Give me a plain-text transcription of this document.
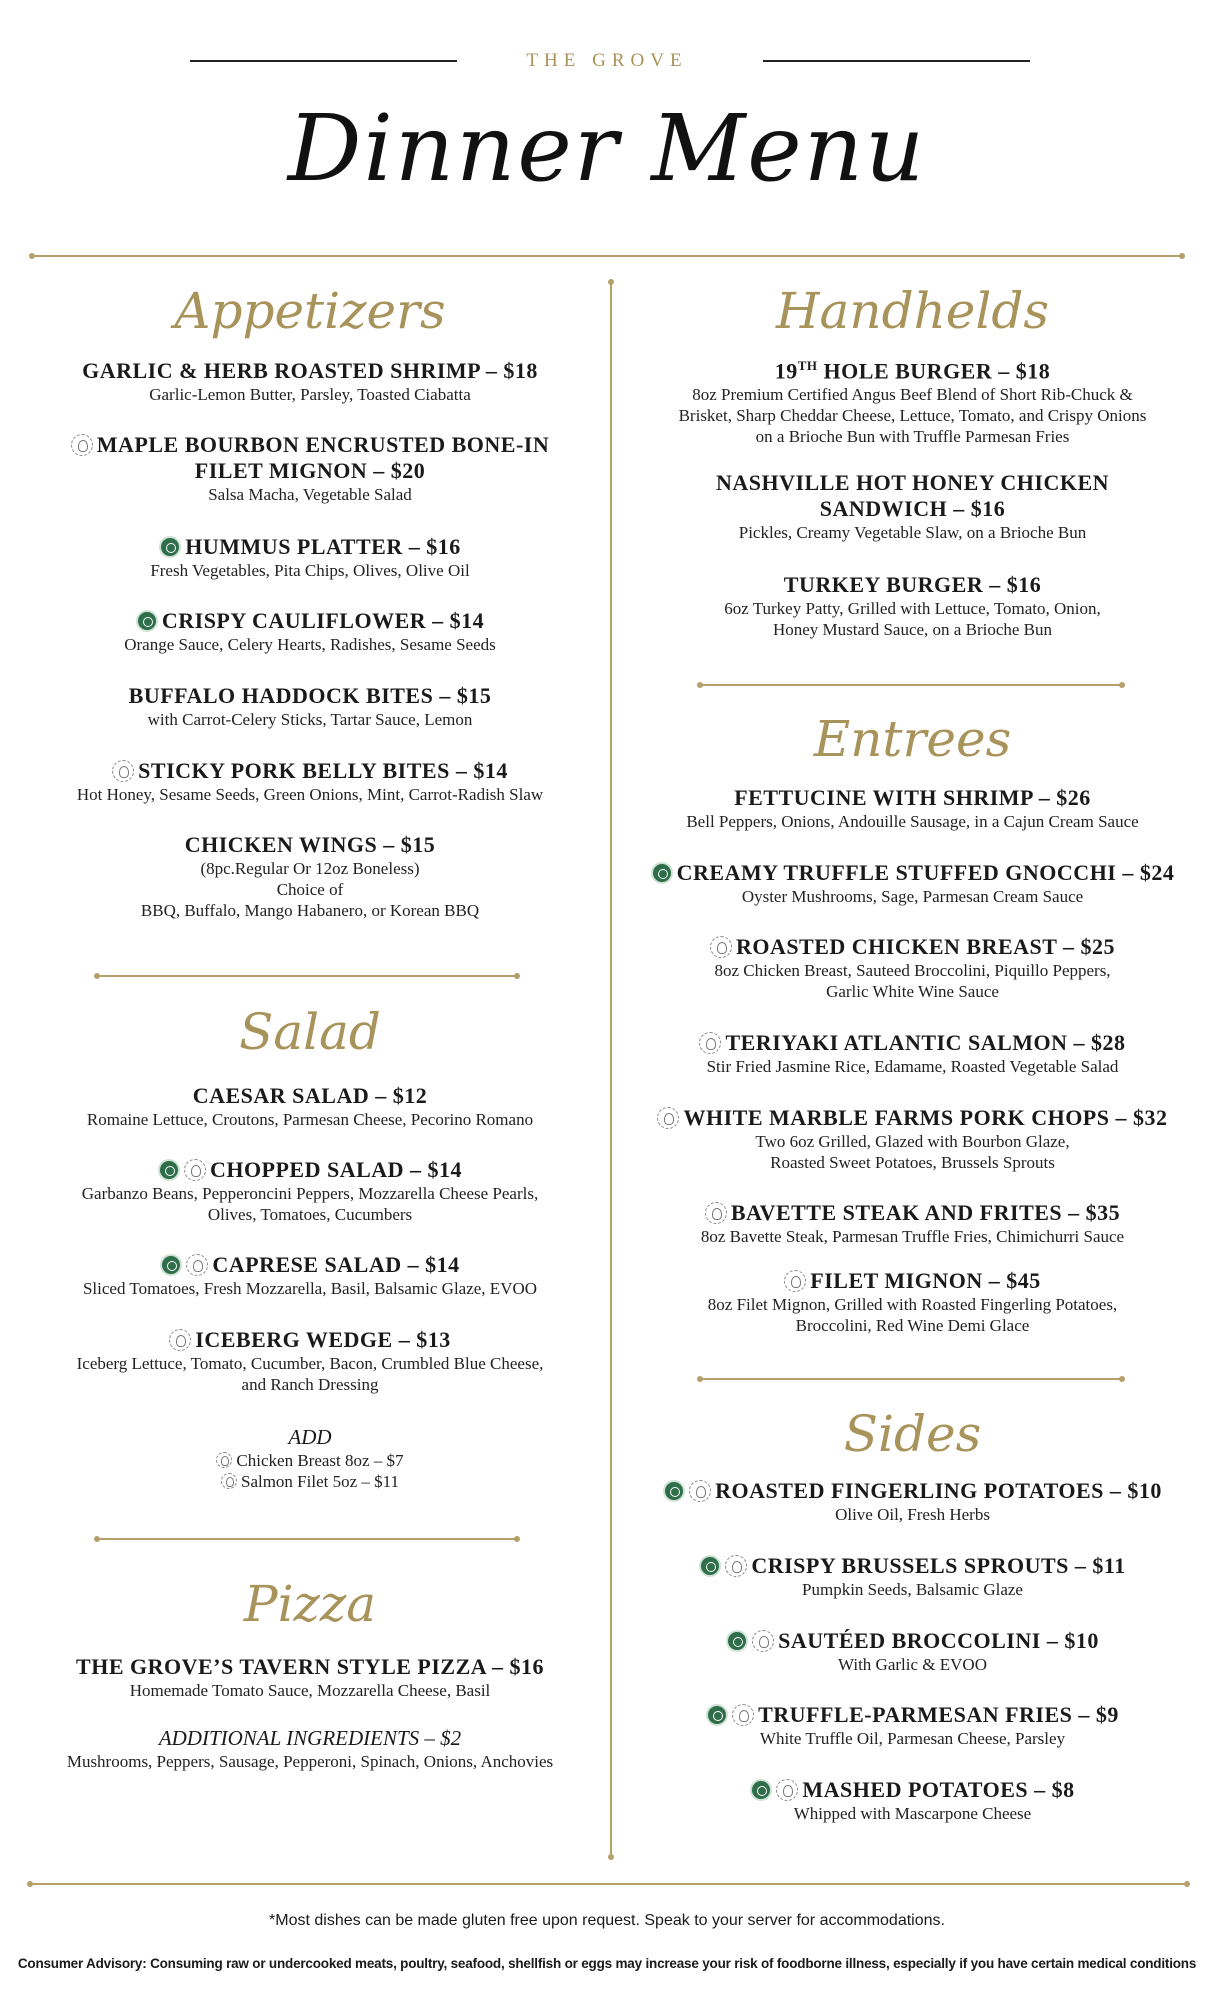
THE GROVE
Dinner Menu
Appetizers
GARLIC & HERB ROASTED SHRIMP – $18
Garlic-Lemon Butter, Parsley, Toasted Ciabatta
MAPLE BOURBON ENCRUSTED BONE-IN
FILET MIGNON – $20
Salsa Macha, Vegetable Salad
HUMMUS PLATTER – $16
Fresh Vegetables, Pita Chips, Olives, Olive Oil
CRISPY CAULIFLOWER – $14
Orange Sauce, Celery Hearts, Radishes, Sesame Seeds
BUFFALO HADDOCK BITES – $15
with Carrot-Celery Sticks, Tartar Sauce, Lemon
STICKY PORK BELLY BITES – $14
Hot Honey, Sesame Seeds, Green Onions, Mint, Carrot-Radish Slaw
CHICKEN WINGS – $15
(8pc.Regular Or 12oz Boneless)
Choice of
BBQ, Buffalo, Mango Habanero, or Korean BBQ
Salad
CAESAR SALAD – $12
Romaine Lettuce, Croutons, Parmesan Cheese, Pecorino Romano
CHOPPED SALAD – $14
Garbanzo Beans, Pepperoncini Peppers, Mozzarella Cheese Pearls,
Olives, Tomatoes, Cucumbers
CAPRESE SALAD – $14
Sliced Tomatoes, Fresh Mozzarella, Basil, Balsamic Glaze, EVOO
ICEBERG WEDGE – $13
Iceberg Lettuce, Tomato, Cucumber, Bacon, Crumbled Blue Cheese,
and Ranch Dressing
ADD
Chicken Breast 8oz – $7
Salmon Filet 5oz – $11
Pizza
THE GROVE’S TAVERN STYLE PIZZA – $16
Homemade Tomato Sauce, Mozzarella Cheese, Basil
ADDITIONAL INGREDIENTS – $2
Mushrooms, Peppers, Sausage, Pepperoni, Spinach, Onions, Anchovies
Handhelds
19TH HOLE BURGER – $18
8oz Premium Certified Angus Beef Blend of Short Rib-Chuck &
Brisket, Sharp Cheddar Cheese, Lettuce, Tomato, and Crispy Onions
on a Brioche Bun with Truffle Parmesan Fries
NASHVILLE HOT HONEY CHICKEN
SANDWICH – $16
Pickles, Creamy Vegetable Slaw, on a Brioche Bun
TURKEY BURGER – $16
6oz Turkey Patty, Grilled with Lettuce, Tomato, Onion,
Honey Mustard Sauce, on a Brioche Bun
Entrees
FETTUCINE WITH SHRIMP – $26
Bell Peppers, Onions, Andouille Sausage, in a Cajun Cream Sauce
CREAMY TRUFFLE STUFFED GNOCCHI – $24
Oyster Mushrooms, Sage, Parmesan Cream Sauce
ROASTED CHICKEN BREAST – $25
8oz Chicken Breast, Sauteed Broccolini, Piquillo Peppers,
Garlic White Wine Sauce
TERIYAKI ATLANTIC SALMON – $28
Stir Fried Jasmine Rice, Edamame, Roasted Vegetable Salad
WHITE MARBLE FARMS PORK CHOPS – $32
Two 6oz Grilled, Glazed with Bourbon Glaze,
Roasted Sweet Potatoes, Brussels Sprouts
BAVETTE STEAK AND FRITES – $35
8oz Bavette Steak, Parmesan Truffle Fries, Chimichurri Sauce
FILET MIGNON – $45
8oz Filet Mignon, Grilled with Roasted Fingerling Potatoes,
Broccolini, Red Wine Demi Glace
Sides
ROASTED FINGERLING POTATOES – $10
Olive Oil, Fresh Herbs
CRISPY BRUSSELS SPROUTS – $11
Pumpkin Seeds, Balsamic Glaze
SAUTÉED BROCCOLINI – $10
With Garlic & EVOO
TRUFFLE-PARMESAN FRIES – $9
White Truffle Oil, Parmesan Cheese, Parsley
MASHED POTATOES – $8
Whipped with Mascarpone Cheese
*Most dishes can be made gluten free upon request. Speak to your server for accommodations.
Consumer Advisory: Consuming raw or undercooked meats, poultry, seafood, shellfish or eggs may increase your risk of foodborne illness, especially if you have certain medical conditions
